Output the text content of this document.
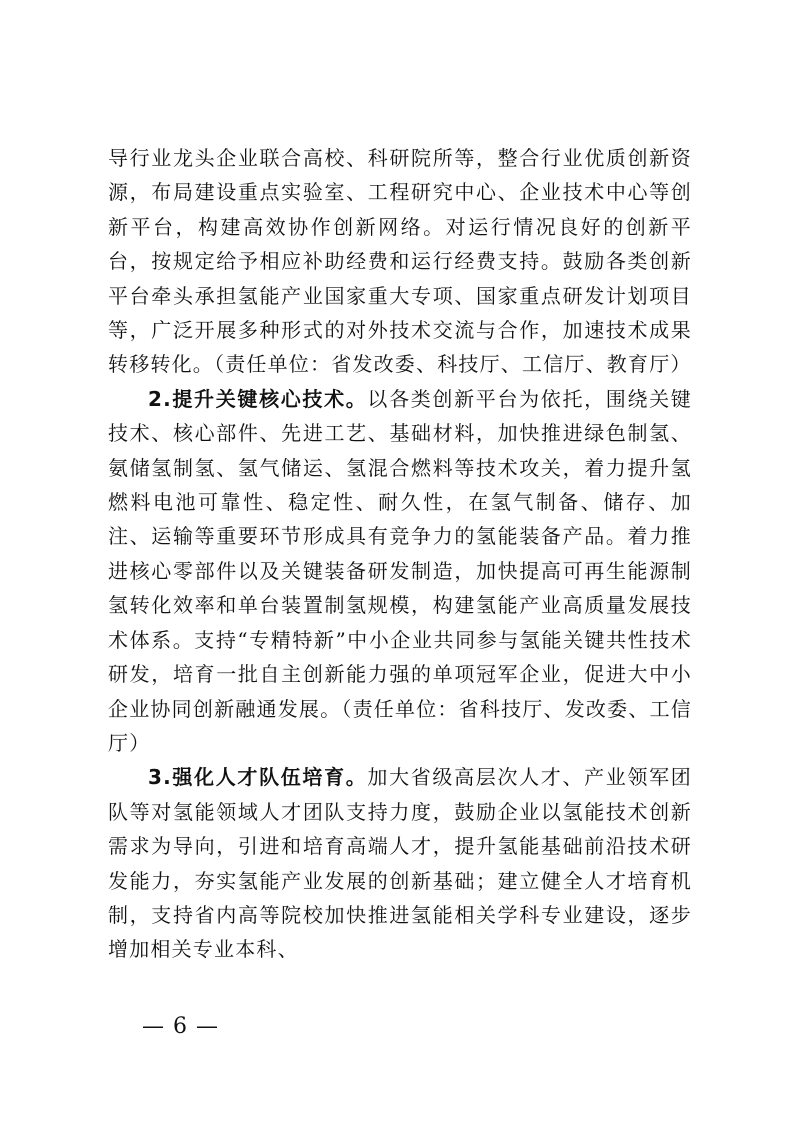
导行业龙头企业联合高校、科研院所等，整合行业优质创新资源，布局建设重点实验室、工程研究中心、企业技术中心等创新平台，构建高效协作创新网络。对运行情况良好的创新平台，按规定给予相应补助经费和运行经费支持。鼓励各类创新平台牵头承担氢能产业国家重大专项、国家重点研发计划项目等，广泛开展多种形式的对外技术交流与合作，加速技术成果转移转化。（责任单位：省发改委、科技厅、工信厅、教育厅）

2.提升关键核心技术。以各类创新平台为依托，围绕关键技术、核心部件、先进工艺、基础材料，加快推进绿色制氢、氨储氢制氢、氢气储运、氢混合燃料等技术攻关，着力提升氢燃料电池可靠性、稳定性、耐久性，在氢气制备、储存、加注、运输等重要环节形成具有竞争力的氢能装备产品。着力推进核心零部件以及关键装备研发制造，加快提高可再生能源制氢转化效率和单台装置制氢规模，构建氢能产业高质量发展技术体系。支持“专精特新”中小企业共同参与氢能关键共性技术研发，培育一批自主创新能力强的单项冠军企业，促进大中小企业协同创新融通发展。（责任单位：省科技厅、发改委、工信厅）

3.强化人才队伍培育。加大省级高层次人才、产业领军团队等对氢能领域人才团队支持力度，鼓励企业以氢能技术创新需求为导向，引进和培育高端人才，提升氢能基础前沿技术研发能力，夯实氢能产业发展的创新基础；建立健全人才培育机制，支持省内高等院校加快推进氢能相关学科专业建设，逐步增加相关专业本科、

— 6 —
